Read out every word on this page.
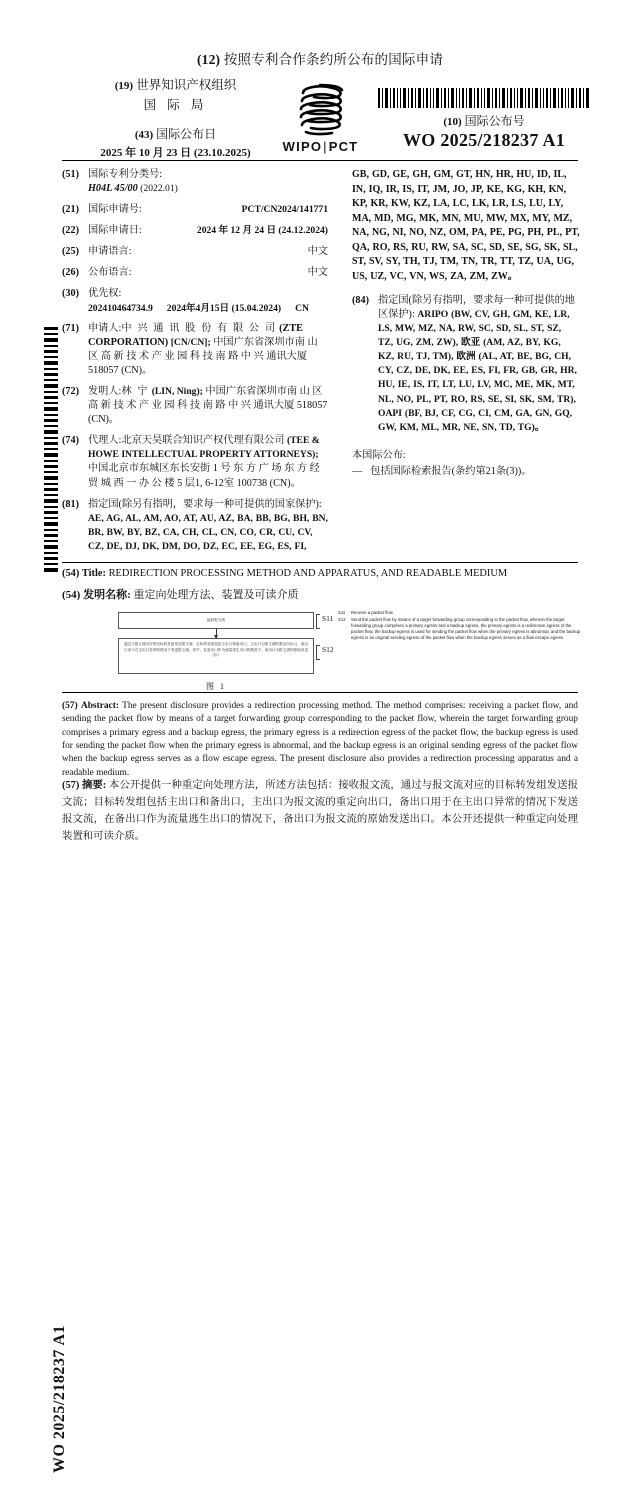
(12) 按照专利合作条约所公布的国际申请
(19) 世界知识产权组织
国 际 局
(43) 国际公布日
2025 年 10 月 23 日 (23.10.2025)	WIPO|PCT
(10) 国际公布号
WO 2025/218237 A1
(51) 国际专利分类号:
H04L 45/00 (2022.01)
(21) 国际申请号:	PCT/CN2024/141771
(22) 国际申请日:	2024 年 12 月 24 日 (24.12.2024)
(25) 申请语言:	中文
(26) 公布语言:	中文
(30) 优先权:
202410464734.9 2024年4月15日 (15.04.2024) CN
(71) 申请人:中 兴 通 讯 股 份 有 限 公 司 (ZTE CORPORATION) [CN/CN]; 中国广东省深圳市南 山 区 高 新 技 术 产 业 园 科 技 南 路 中 兴 通讯大厦 518057 (CN)。
(72) 发明人:林 宁 (LIN, Ning); 中国广东省深圳市南 山 区 高 新 技 术 产 业 园 科 技 南 路 中 兴 通讯大厦 518057 (CN)。
(74) 代理人:北京天昊联合知识产权代理有限公司 (TEE & HOWE INTELLECTUAL PROPERTY ATTORNEYS); 中国北京市东城区东长安街 1 号 东 方 广 场 东 方 经 贸 城 西 一 办 公 楼 5 层1, 6-12室 100738 (CN)。
(81) 指定国(除另有指明，要求每一种可提供的国家保护): AE, AG, AL, AM, AO, AT, AU, AZ, BA, BB, BG, BH, BN, BR, BW, BY, BZ, CA, CH, CL, CN, CO, CR, CU, CV, CZ, DE, DJ, DK, DM, DO, DZ, EC, EE, EG, ES, FI,
GB, GD, GE, GH, GM, GT, HN, HR, HU, ID, IL, IN, IQ, IR, IS, IT, JM, JO, JP, KE, KG, KH, KN, KP, KR, KW, KZ, LA, LC, LK, LR, LS, LU, LY, MA, MD, MG, MK, MN, MU, MW, MX, MY, MZ, NA, NG, NI, NO, NZ, OM, PA, PE, PG, PH, PL, PT, QA, RO, RS, RU, RW, SA, SC, SD, SE, SG, SK, SL, ST, SV, SY, TH, TJ, TM, TN, TR, TT, TZ, UA, UG, US, UZ, VC, VN, WS, ZA, ZM, ZW。
(84) 指定国(除另有指明，要求每一种可提供的地区保护): ARIPO (BW, CV, GH, GM, KE, LR, LS, MW, MZ, NA, RW, SC, SD, SL, ST, SZ, TZ, UG, ZM, ZW), 欧亚 (AM, AZ, BY, KG, KZ, RU, TJ, TM), 欧洲 (AL, AT, BE, BG, CH, CY, CZ, DE, DK, EE, ES, FI, FR, GB, GR, HR, HU, IE, IS, IT, LT, LU, LV, MC, ME, MK, MT, NL, NO, PL, PT, RO, RS, SE, SI, SK, SM, TR), OAPI (BF, BJ, CF, CG, CI, CM, GA, GN, GQ, GW, KM, ML, MR, NE, SN, TD, TG)。
本国际公布:
— 包括国际检索报告(条约第21条(3))。
(54) Title: REDIRECTION PROCESSING METHOD AND APPARATUS, AND READABLE MEDIUM
(54) 发明名称: 重定向处理方法、装置及可读介质
接收报文流
通过与报文流对应的目标转发组发送报文流；目标转发组包括主出口和备出口，主出口为报文流的重定向出口，备出口用于在主出口异常的情况下发送报文流，其中，在备出口作为流量逃生出口的情况下，备出口为报文流的原始发送出口
图 1
S11
S12
S11	Receive a packet flow
S12	Send the packet flow by means of a target forwarding group corresponding to the packet flow, wherein the target forwarding group comprises a primary egress and a backup egress, the primary egress is a redirection egress of the packet flow, the backup egress is used for sending the packet flow when the primary egress is abnormal, and the backup egress is an original sending egress of the packet flow when the backup egress serves as a flow escape egress
(57) Abstract: The present disclosure provides a redirection processing method. The method comprises: receiving a packet flow, and sending the packet flow by means of a target forwarding group corresponding to the packet flow, wherein the target forwarding group comprises a primary egress and a backup egress, the primary egress is a redirection egress of the packet flow, the backup egress is used for sending the packet flow when the primary egress is abnormal, and the backup egress is an original sending egress of the packet flow when the backup egress serves as a flow escape egress. The present disclosure also provides a redirection processing apparatus and a readable medium.
(57) 摘要: 本公开提供一种重定向处理方法，所述方法包括：接收报文流，通过与报文流对应的目标转发组发送报文流；目标转发组包括主出口和备出口，主出口为报文流的重定向出口，备出口用于在主出口异常的情况下发送报文流，在备出口作为流量逃生出口的情况下，备出口为报文流的原始发送出口。本公开还提供一种重定向处理装置和可读介质。
WO 2025/218237 A1
